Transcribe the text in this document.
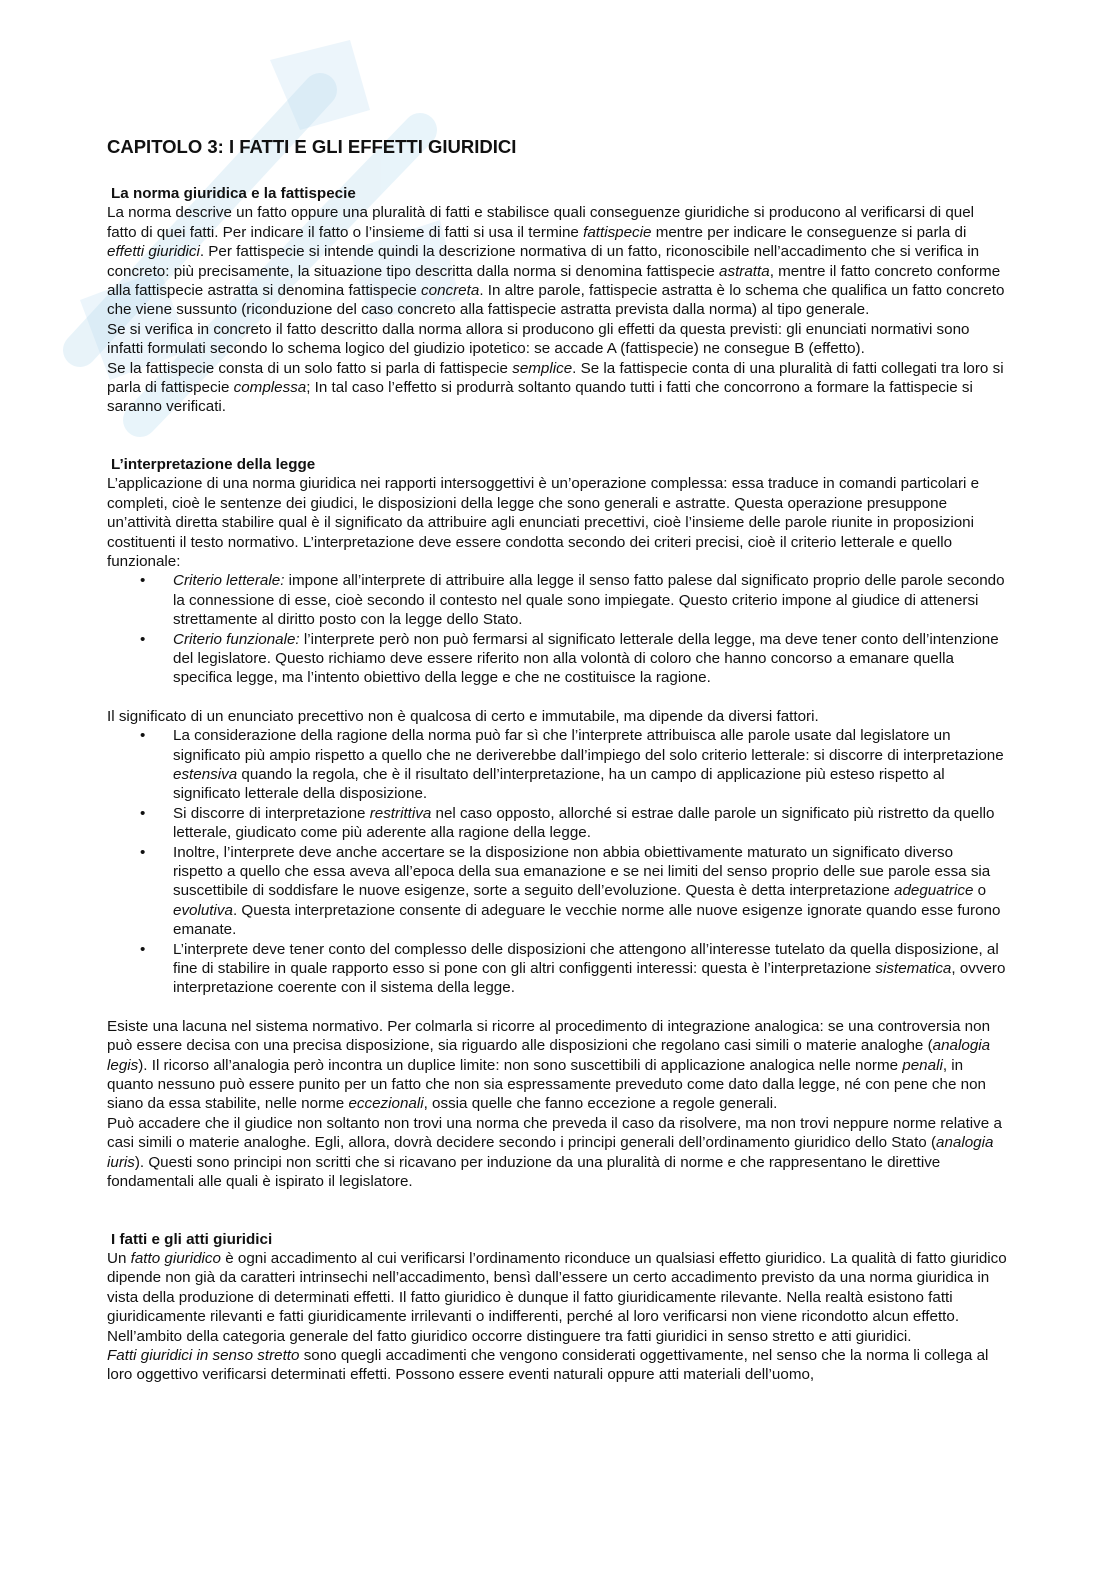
CAPITOLO 3: I FATTI E GLI EFFETTI GIURIDICI
La norma giuridica e la fattispecie

La norma descrive un fatto oppure una pluralità di fatti e stabilisce quali conseguenze giuridiche si producono al verificarsi di quel fatto di quei fatti. Per indicare il fatto o l’insieme di fatti si usa il termine fattispecie mentre per indicare le conseguenze si parla di effetti giuridici. Per fattispecie si intende quindi la descrizione normativa di un fatto, riconoscibile nell’accadimento che si verifica in concreto: più precisamente, la situazione tipo descritta dalla norma si denomina fattispecie astratta, mentre il fatto concreto conforme alla fattispecie astratta si denomina fattispecie concreta. In altre parole, fattispecie astratta è lo schema che qualifica un fatto concreto che viene sussunto (riconduzione del caso concreto alla fattispecie astratta prevista dalla norma) al tipo generale.

Se si verifica in concreto il fatto descritto dalla norma allora si producono gli effetti da questa previsti: gli enunciati normativi sono infatti formulati secondo lo schema logico del giudizio ipotetico: se accade A (fattispecie) ne consegue B (effetto).

Se la fattispecie consta di un solo fatto si parla di fattispecie semplice. Se la fattispecie conta di una pluralità di fatti collegati tra loro si parla di fattispecie complessa; In tal caso l’effetto si produrrà soltanto quando tutti i fatti che concorrono a formare la fattispecie si saranno verificati.

L’interpretazione della legge

L’applicazione di una norma giuridica nei rapporti intersoggettivi è un’operazione complessa: essa traduce in comandi particolari e completi, cioè le sentenze dei giudici, le disposizioni della legge che sono generali e astratte. Questa operazione presuppone un’attività diretta stabilire qual è il significato da attribuire agli enunciati precettivi, cioè l’insieme delle parole riunite in proposizioni costituenti il testo normativo. L’interpretazione deve essere condotta secondo dei criteri precisi, cioè il criterio letterale e quello funzionale:

• Criterio letterale: impone all’interprete di attribuire alla legge il senso fatto palese dal significato proprio delle parole secondo la connessione di esse, cioè secondo il contesto nel quale sono impiegate. Questo criterio impone al giudice di attenersi strettamente al diritto posto con la legge dello Stato.
• Criterio funzionale: l’interprete però non può fermarsi al significato letterale della legge, ma deve tener conto dell’intenzione del legislatore. Questo richiamo deve essere riferito non alla volontà di coloro che hanno concorso a emanare quella specifica legge, ma l’intento obiettivo della legge e che ne costituisce la ragione.

Il significato di un enunciato precettivo non è qualcosa di certo e immutabile, ma dipende da diversi fattori.

• La considerazione della ragione della norma può far sì che l’interprete attribuisca alle parole usate dal legislatore un significato più ampio rispetto a quello che ne deriverebbe dall’impiego del solo criterio letterale: si discorre di interpretazione estensiva quando la regola, che è il risultato dell’interpretazione, ha un campo di applicazione più esteso rispetto al significato letterale della disposizione.
• Si discorre di interpretazione restrittiva nel caso opposto, allorché si estrae dalle parole un significato più ristretto da quello letterale, giudicato come più aderente alla ragione della legge.
• Inoltre, l’interprete deve anche accertare se la disposizione non abbia obiettivamente maturato un significato diverso rispetto a quello che essa aveva all’epoca della sua emanazione e se nei limiti del senso proprio delle sue parole essa sia suscettibile di soddisfare le nuove esigenze, sorte a seguito dell’evoluzione. Questa è detta interpretazione adeguatrice o evolutiva. Questa interpretazione consente di adeguare le vecchie norme alle nuove esigenze ignorate quando esse furono emanate.
• L’interprete deve tener conto del complesso delle disposizioni che attengono all’interesse tutelato da quella disposizione, al fine di stabilire in quale rapporto esso si pone con gli altri configgenti interessi: questa è l’interpretazione sistematica, ovvero interpretazione coerente con il sistema della legge.

Esiste una lacuna nel sistema normativo. Per colmarla si ricorre al procedimento di integrazione analogica: se una controversia non può essere decisa con una precisa disposizione, sia riguardo alle disposizioni che regolano casi simili o materie analoghe (analogia legis). Il ricorso all’analogia però incontra un duplice limite: non sono suscettibili di applicazione analogica nelle norme penali, in quanto nessuno può essere punito per un fatto che non sia espressamente preveduto come dato dalla legge, né con pene che non siano da essa stabilite, nelle norme eccezionali, ossia quelle che fanno eccezione a regole generali.

Può accadere che il giudice non soltanto non trovi una norma che preveda il caso da risolvere, ma non trovi neppure norme relative a casi simili o materie analoghe. Egli, allora, dovrà decidere secondo i principi generali dell’ordinamento giuridico dello Stato (analogia iuris). Questi sono principi non scritti che si ricavano per induzione da una pluralità di norme e che rappresentano le direttive fondamentali alle quali è ispirato il legislatore.

I fatti e gli atti giuridici

Un fatto giuridico è ogni accadimento al cui verificarsi l’ordinamento riconduce un qualsiasi effetto giuridico. La qualità di fatto giuridico dipende non già da caratteri intrinsechi nell’accadimento, bensì dall’essere un certo accadimento previsto da una norma giuridica in vista della produzione di determinati effetti. Il fatto giuridico è dunque il fatto giuridicamente rilevante. Nella realtà esistono fatti giuridicamente rilevanti e fatti giuridicamente irrilevanti o indifferenti, perché al loro verificarsi non viene ricondotto alcun effetto.

Nell’ambito della categoria generale del fatto giuridico occorre distinguere tra fatti giuridici in senso stretto e atti giuridici.

Fatti giuridici in senso stretto sono quegli accadimenti che vengono considerati oggettivamente, nel senso che la norma li collega al loro oggettivo verificarsi determinati effetti. Possono essere eventi naturali oppure atti materiali dell’uomo,
